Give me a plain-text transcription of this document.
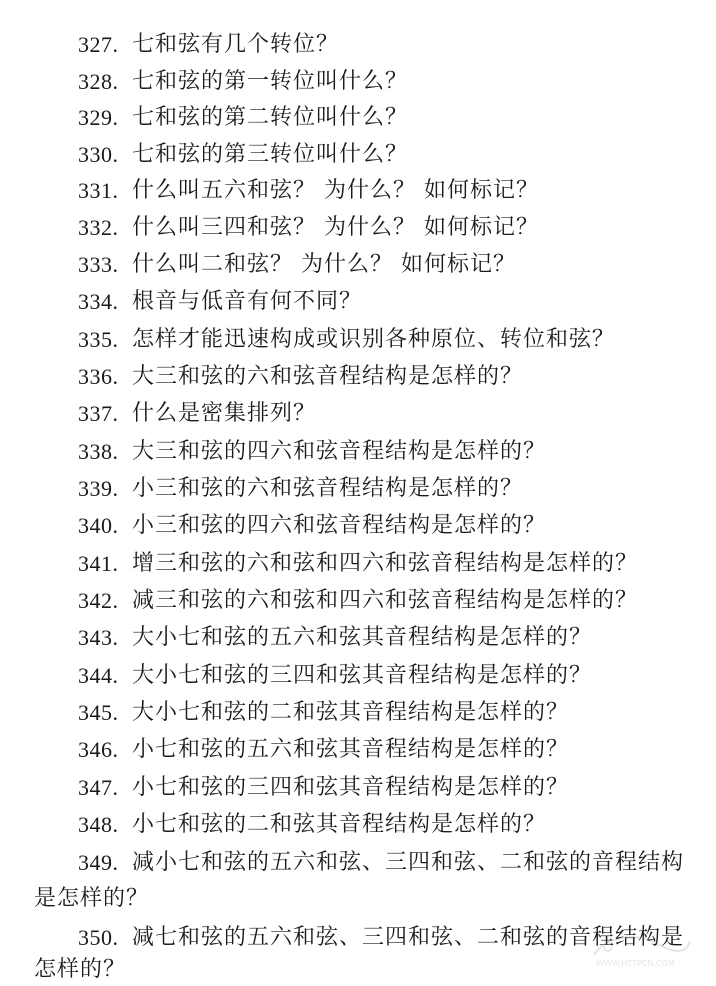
327. 七和弦有几个转位？
328. 七和弦的第一转位叫什么？
329. 七和弦的第二转位叫什么？
330. 七和弦的第三转位叫什么？
331. 什么叫五六和弦？ 为什么？ 如何标记？
332. 什么叫三四和弦？ 为什么？ 如何标记？
333. 什么叫二和弦？ 为什么？ 如何标记？
334. 根音与低音有何不同？
335. 怎样才能迅速构成或识别各种原位、转位和弦？
336. 大三和弦的六和弦音程结构是怎样的？
337. 什么是密集排列？
338. 大三和弦的四六和弦音程结构是怎样的？
339. 小三和弦的六和弦音程结构是怎样的？
340. 小三和弦的四六和弦音程结构是怎样的？
341. 增三和弦的六和弦和四六和弦音程结构是怎样的？
342. 减三和弦的六和弦和四六和弦音程结构是怎样的？
343. 大小七和弦的五六和弦其音程结构是怎样的？
344. 大小七和弦的三四和弦其音程结构是怎样的？
345. 大小七和弦的二和弦其音程结构是怎样的？
346. 小七和弦的五六和弦其音程结构是怎样的？
347. 小七和弦的三四和弦其音程结构是怎样的？
348. 小七和弦的二和弦其音程结构是怎样的？
349. 减小七和弦的五六和弦、三四和弦、二和弦的音程结构
是怎样的？
350. 减七和弦的五六和弦、三四和弦、二和弦的音程结构是
怎样的？	WWW.HTTPCN.COM
